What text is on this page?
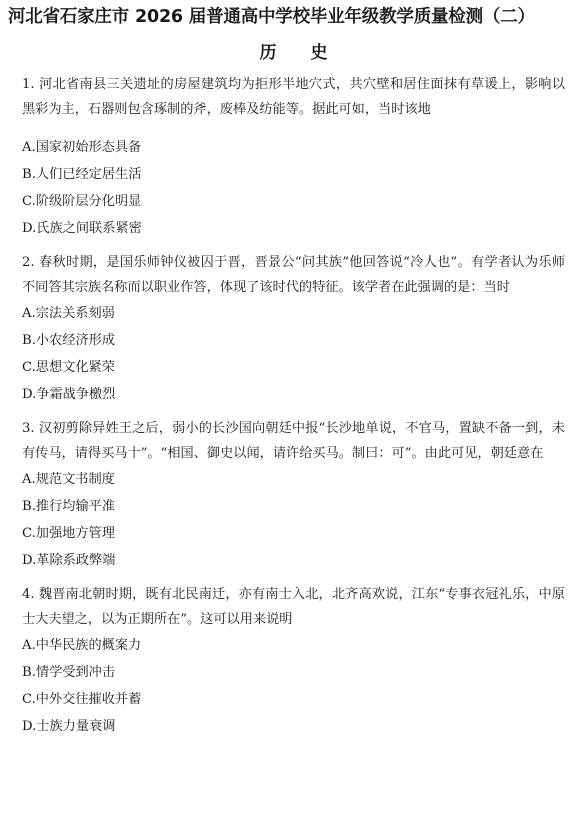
河北省石家庄市 2026 届普通高中学校毕业年级教学质量检测（二）
历 史

1. 河北省南县三关遗址的房屋建筑均为拒形半地穴式，共穴壁和居住面抹有草谖上，影响以黑彩为主，石器则包含琢制的斧，废棒及纺能等。据此可如，当时该地

A.国家初始形态具备

B.人们已经定居生活

C.阶级阶层分化明显

D.氏族之间联系紧密

2. 春秋时期，是国乐师钟仪被囚于晋，晋景公“问其族”他回答说“冷人也”。有学者认为乐师不同答其宗族名称而以职业作答，体现了该时代的特征。该学者在此强调的是：当时

A.宗法关系刻弱

B.小农经济形成

C.思想文化紧荣

D.争霜战争檄烈

3. 汉初剪除异姓王之后，弱小的长沙国向朝廷中报“长沙地单说，不官马，置缺不备一到，未有传马，请得买马十”。“相国、御史以闻，请许给买马。制曰：可”。由此可见，朝廷意在

A.规范文书制度

B.推行均输平准

C.加强地方管理

D.革除系政弊端

4. 魏晋南北朝时期，既有北民南迁，亦有南士入北，北齐高欢说，江东“专事衣冠礼乐，中原士大夫望之，以为正期所在”。这可以用来说明

A.中华民族的概案力

B.情学受到冲击

C.中外交往摧收并蓄

D.士族力量衰调
